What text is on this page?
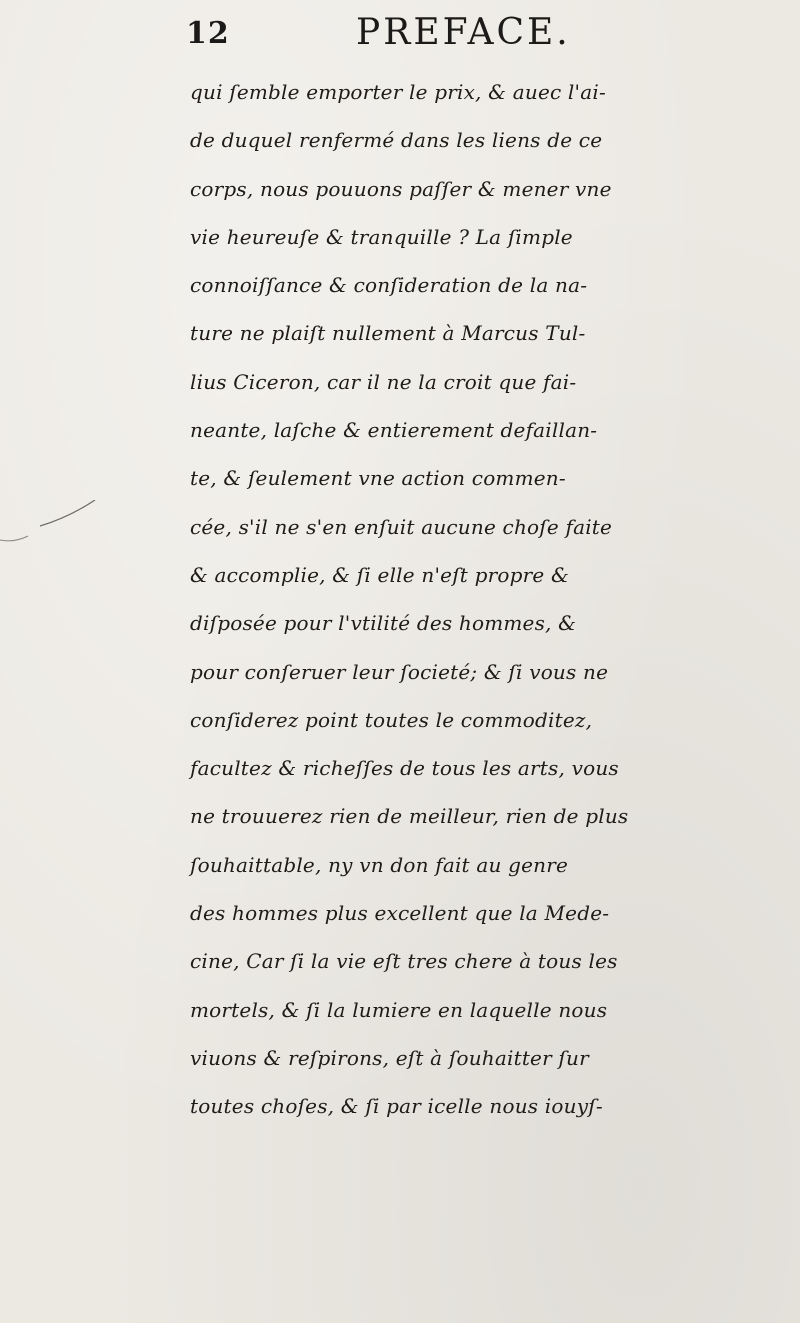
12	PREFACE.
qui ſemble emporter le prix, & auec l'ai-
de duquel renfermé dans les liens de ce
corps, nous pouuons paſſer & mener vne
vie heureuſe & tranquille ? La ſimple
connoiſſance & conſideration de la na-
ture ne plaiſt nullement à Marcus Tul-
lius Ciceron, car il ne la croit que fai-
neante, laſche & entierement defaillan-
te, & ſeulement vne action commen-
cée, s'il ne s'en enſuit aucune choſe faite
& accomplie, & ſi elle n'eſt propre &
diſposée pour l'vtilité des hommes, &
pour conſeruer leur ſocieté; & ſi vous ne
conſiderez point toutes le commoditez,
facultez & richeſſes de tous les arts, vous
ne trouuerez rien de meilleur, rien de plus
ſouhaittable, ny vn don fait au genre
des hommes plus excellent que la Mede-
cine, Car ſi la vie eſt tres chere à tous les
mortels, & ſi la lumiere en laquelle nous
viuons & reſpirons, eſt à ſouhaitter ſur
toutes choſes, & ſi par icelle nous iouyſ-
